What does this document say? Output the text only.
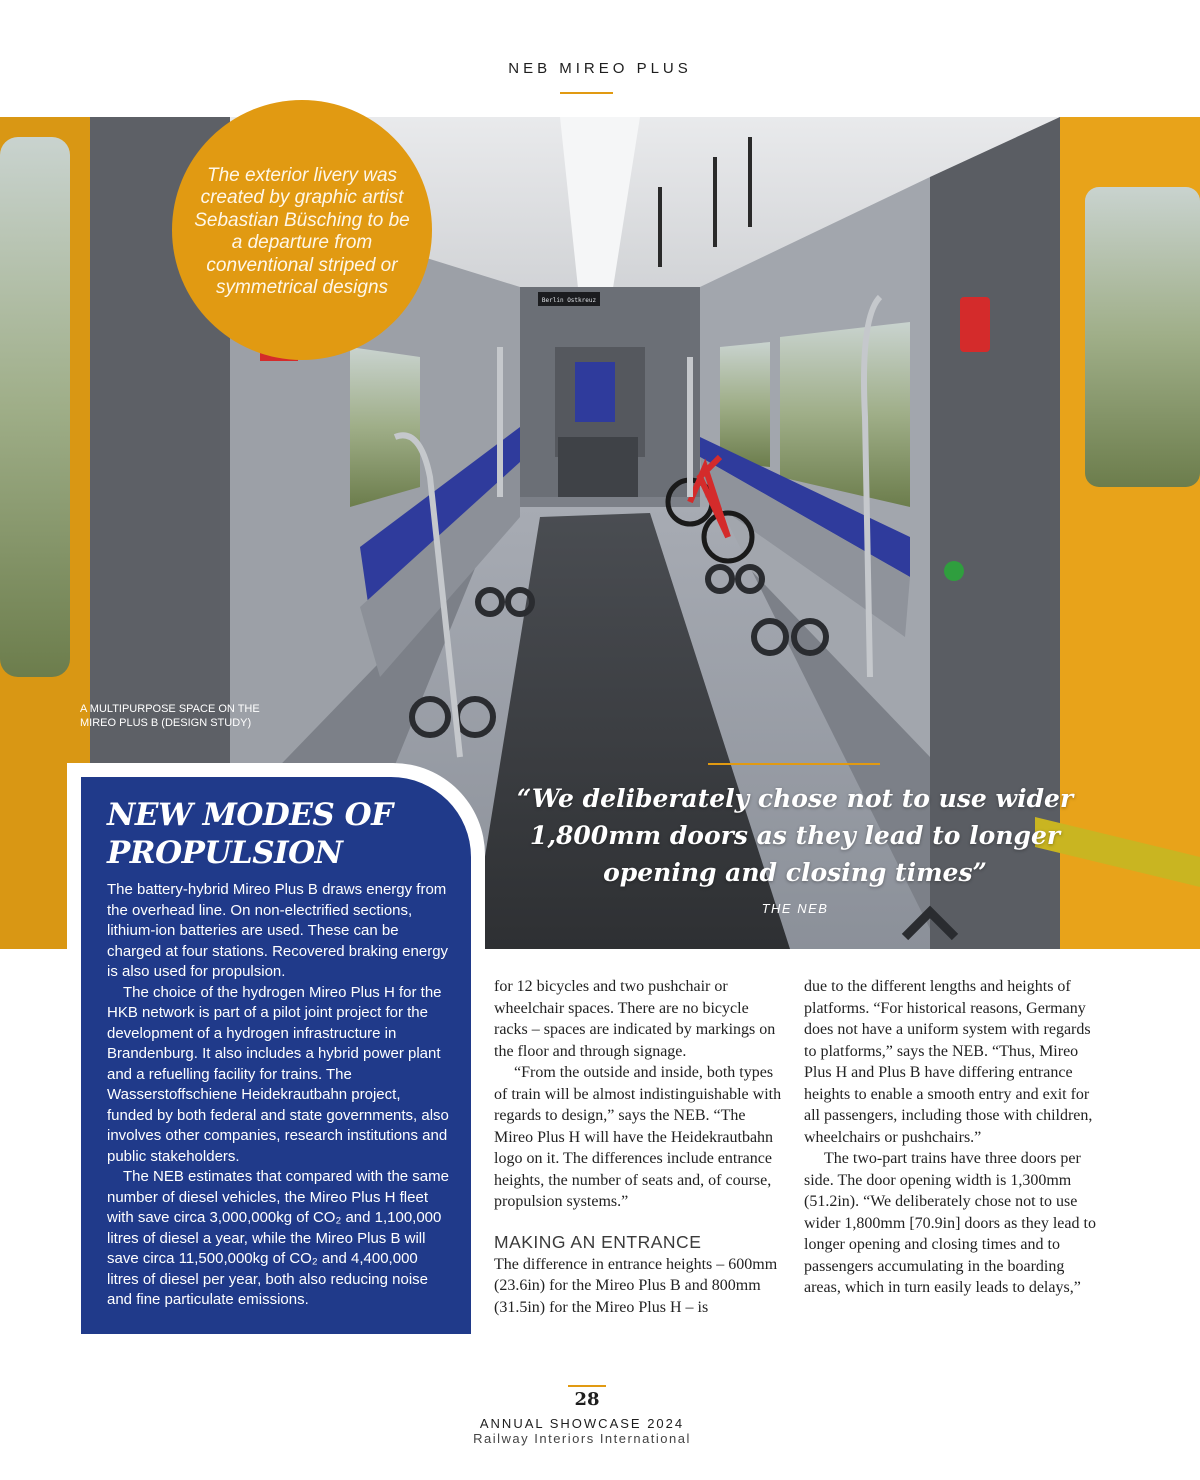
NEB MIREO PLUS
Berlin Ostkreuz
The exterior livery was created by graphic artist Sebastian Büsching to be a departure from conventional striped or symmetrical designs
A MULTIPURPOSE SPACE ON THE MIREO PLUS B (DESIGN STUDY)
“We deliberately chose not to use wider 1,800mm doors as they lead to longer opening and closing times”
THE NEB
NEW MODES OF PROPULSION

The battery-hybrid Mireo Plus B draws energy from the overhead line. On non-electrified sections, lithium-ion batteries are used. These can be charged at four stations. Recovered braking energy is also used for propulsion.

The choice of the hydrogen Mireo Plus H for the HKB network is part of a pilot joint project for the development of a hydrogen infrastructure in Brandenburg. It also includes a hybrid power plant and a refuelling facility for trains. The Wasserstoffschiene Heidekrautbahn project, funded by both federal and state governments, also involves other companies, research institutions and public stakeholders.

The NEB estimates that compared with the same number of diesel vehicles, the Mireo Plus H fleet with save circa 3,000,000kg of CO₂ and 1,100,000 litres of diesel a year, while the Mireo Plus B will save circa 11,500,000kg of CO₂ and 4,400,000 litres of diesel per year, both also reducing noise and fine particulate emissions.

for 12 bicycles and two pushchair or wheelchair spaces. There are no bicycle racks – spaces are indicated by markings on the floor and through signage.

“From the outside and inside, both types of train will be almost indistinguishable with regards to design,” says the NEB. “The Mireo Plus H will have the Heidekrautbahn logo on it. The differences include entrance heights, the number of seats and, of course, propulsion systems.”

MAKING AN ENTRANCE

The difference in entrance heights – 600mm (23.6in) for the Mireo Plus B and 800mm (31.5in) for the Mireo Plus H – is

due to the different lengths and heights of platforms. “For historical reasons, Germany does not have a uniform system with regards to platforms,” says the NEB. “Thus, Mireo Plus H and Plus B have differing entrance heights to enable a smooth entry and exit for all passengers, including those with children, wheelchairs or pushchairs.”

The two-part trains have three doors per side. The door opening width is 1,300mm (51.2in). “We deliberately chose not to use wider 1,800mm [70.9in] doors as they lead to longer opening and closing times and to passengers accumulating in the boarding areas, which in turn easily leads to delays,”

28
ANNUAL SHOWCASE 2024
Railway Interiors International
